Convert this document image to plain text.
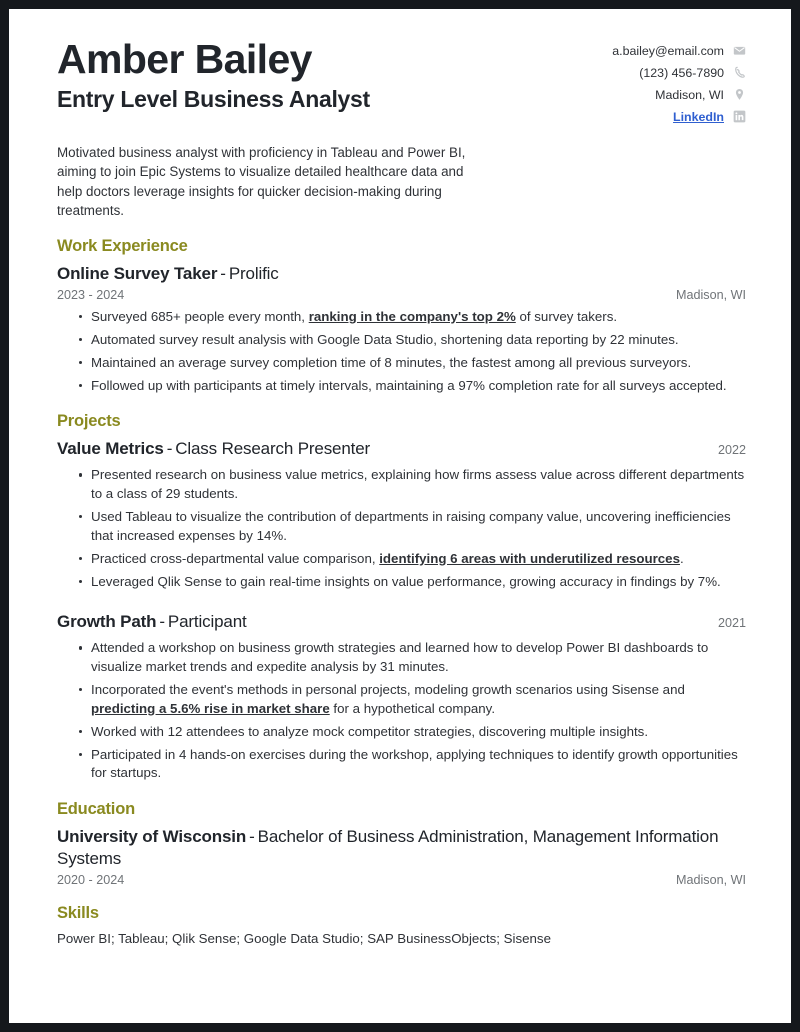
Amber Bailey
Entry Level Business Analyst
a.bailey@email.com
(123) 456-7890
Madison, WI
LinkedIn

Motivated business analyst with proficiency in Tableau and Power BI, aiming to join Epic Systems to visualize detailed healthcare data and help doctors leverage insights for quicker decision-making during treatments.

Work Experience
Online Survey Taker - Prolific
2023 - 2024	Madison, WI
Surveyed 685+ people every month, ranking in the company's top 2% of survey takers.
Automated survey result analysis with Google Data Studio, shortening data reporting by 22 minutes.
Maintained an average survey completion time of 8 minutes, the fastest among all previous surveyors.
Followed up with participants at timely intervals, maintaining a 97% completion rate for all surveys accepted.
Projects
Value Metrics - Class Research Presenter	2022
Presented research on business value metrics, explaining how firms assess value across different departments to a class of 29 students.
Used Tableau to visualize the contribution of departments in raising company value, uncovering inefficiencies that increased expenses by 14%.
Practiced cross-departmental value comparison, identifying 6 areas with underutilized resources.
Leveraged Qlik Sense to gain real-time insights on value performance, growing accuracy in findings by 7%.
Growth Path - Participant	2021
Attended a workshop on business growth strategies and learned how to develop Power BI dashboards to visualize market trends and expedite analysis by 31 minutes.
Incorporated the event's methods in personal projects, modeling growth scenarios using Sisense and predicting a 5.6% rise in market share for a hypothetical company.
Worked with 12 attendees to analyze mock competitor strategies, discovering multiple insights.
Participated in 4 hands-on exercises during the workshop, applying techniques to identify growth opportunities for startups.
Education
University of Wisconsin - Bachelor of Business Administration, Management Information Systems
2020 - 2024	Madison, WI
Skills

Power BI; Tableau; Qlik Sense; Google Data Studio; SAP BusinessObjects; Sisense
